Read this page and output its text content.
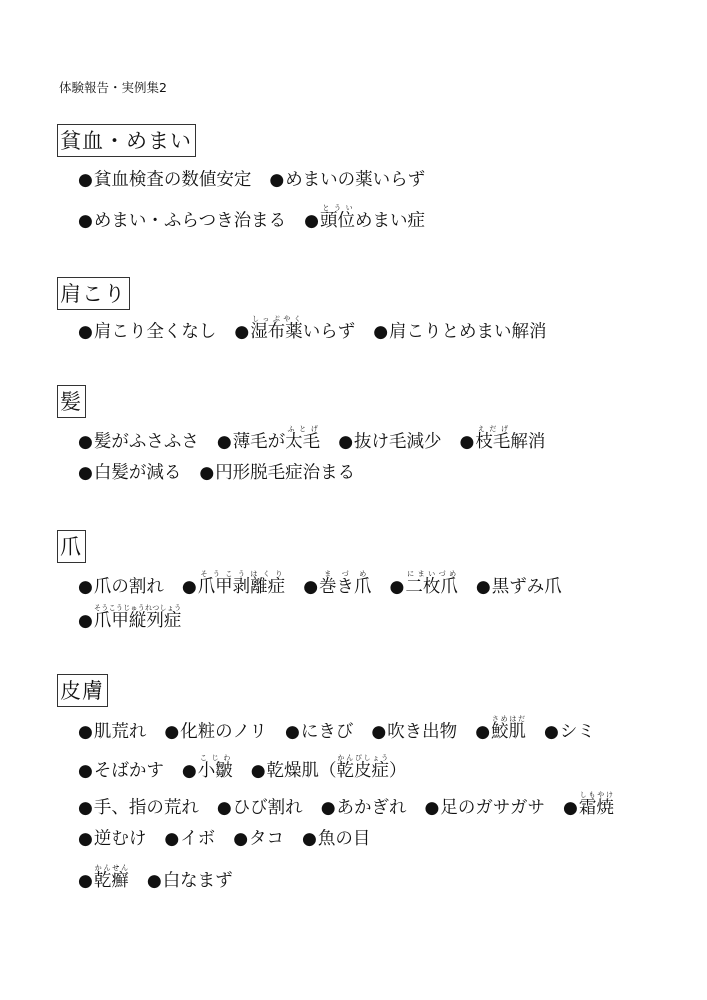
体験報告・実例集2
貧血・めまい
●貧血検査の数値安定 ●めまいの薬いらず
●めまい・ふらつき治まる ●頭位とういめまい症
肩こり
●肩こり全くなし ●湿布薬しっぷやくいらず ●肩こりとめまい解消
髪
●髪がふさふさ ●薄毛が太毛ふとげ●抜け毛減少 ●枝毛えだげ解消
●白髪が減る ●円形脱毛症治まる
爪
●爪の割れ ●爪甲剥離症そうこうはくり●巻き爪まづめ●二枚爪にまいづめ●黒ずみ爪
●爪甲縦列症そうこうじゅうれつしょう
皮膚
●肌荒れ ●化粧のノリ ●にきび ●吹き出物 ●鮫肌さめはだ●シミ
●そばかす ●小皺こじわ●乾燥肌（乾皮症かんぴしょう）
●手、指の荒れ ●ひび割れ ●あかぎれ ●足のガサガサ ●霜焼しもやけ
●逆むけ ●イボ ●タコ ●魚の目
●乾癬かんせん●白なまず
